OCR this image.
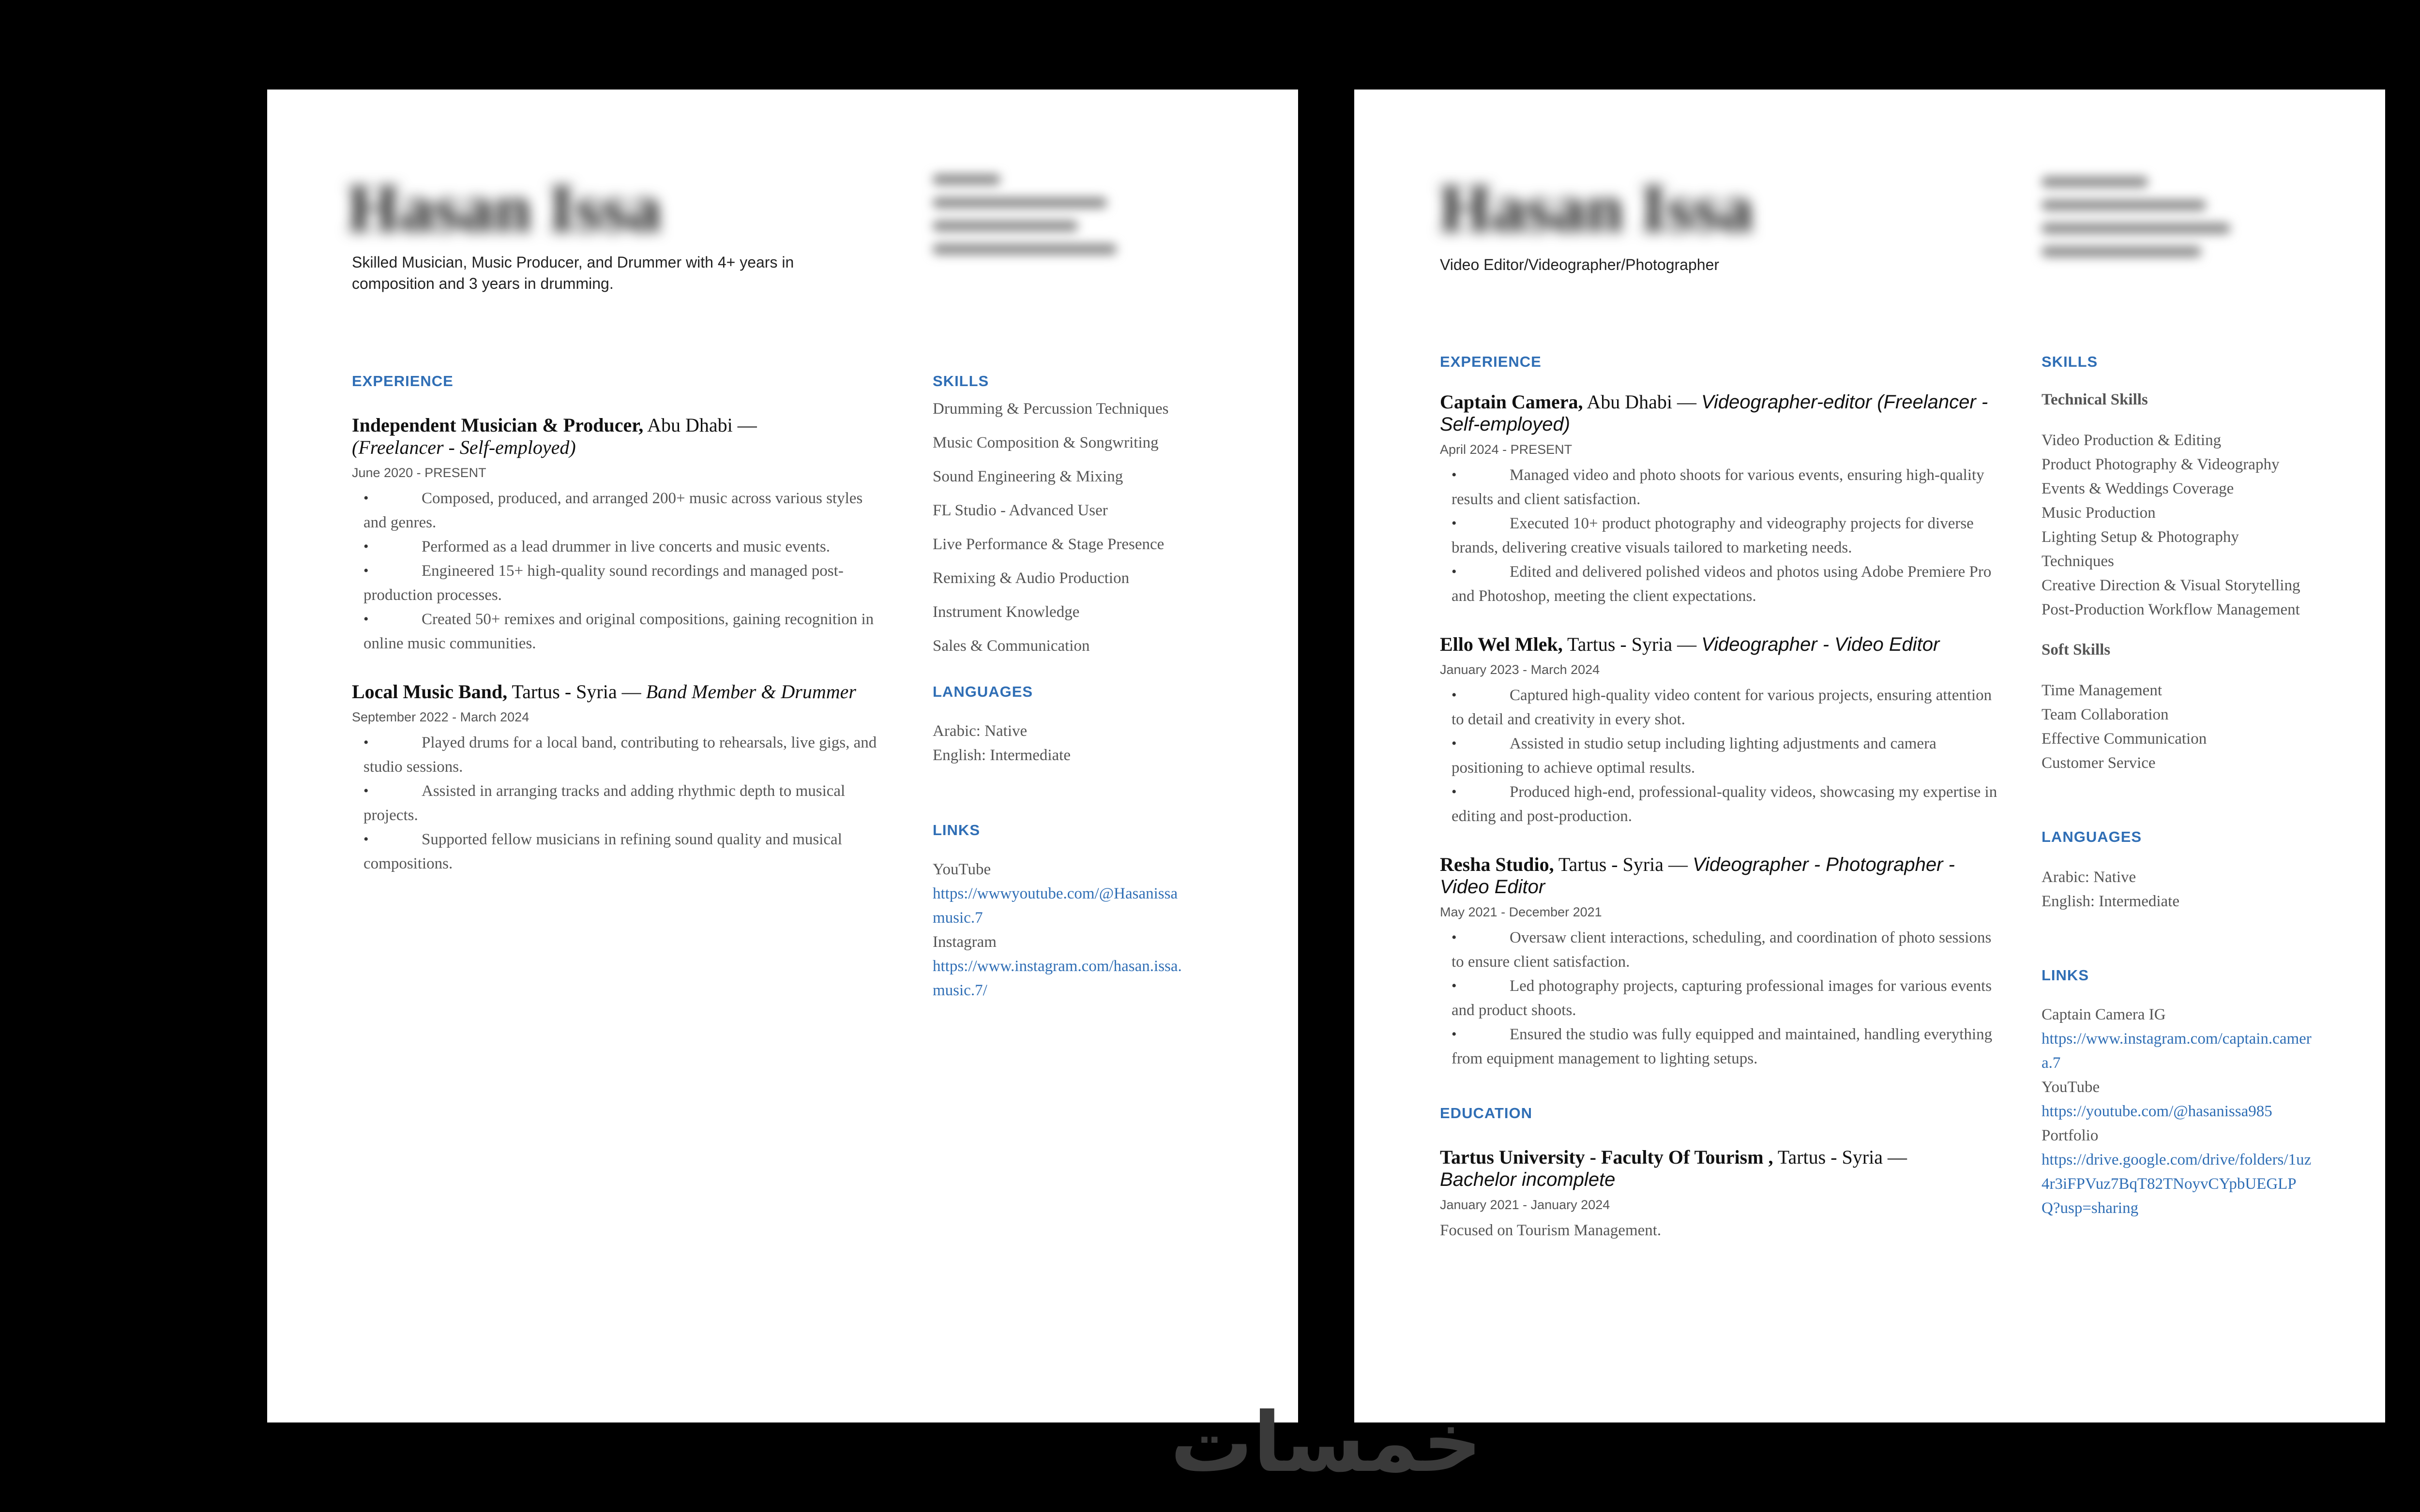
Hasan Issa
Skilled Musician, Music Producer, and Drummer with 4+ years in composition and 3 years in drumming.
EXPERIENCE
Independent Musician & Producer, Abu Dhabi —
(Freelancer - Self-employed)
June 2020 - PRESENT
• Composed, produced, and arranged 200+ music across various styles and genres.
• Performed as a lead drummer in live concerts and music events.
• Engineered 15+ high-quality sound recordings and managed post-production processes.
• Created 50+ remixes and original compositions, gaining recognition in online music communities.
Local Music Band, Tartus - Syria — Band Member & Drummer
September 2022 - March 2024
• Played drums for a local band, contributing to rehearsals, live gigs, and studio sessions.
• Assisted in arranging tracks and adding rhythmic depth to musical projects.
• Supported fellow musicians in refining sound quality and musical compositions.
SKILLS
Drumming & Percussion Techniques
Music Composition & Songwriting
Sound Engineering & Mixing
FL Studio - Advanced User
Live Performance & Stage Presence
Remixing & Audio Production
Instrument Knowledge
Sales & Communication
LANGUAGES
Arabic: Native
English: Intermediate
LINKS
YouTube
https://wwwyoutube.com/@Hasanissamusic.7
Instagram
https://www.instagram.com/hasan.issa.music.7/
Hasan Issa
Video Editor/Videographer/Photographer
EXPERIENCE
Captain Camera, Abu Dhabi — Videographer-editor (Freelancer - Self-employed)
April 2024 - PRESENT
• Managed video and photo shoots for various events, ensuring high-quality results and client satisfaction.
• Executed 10+ product photography and videography projects for diverse brands, delivering creative visuals tailored to marketing needs.
• Edited and delivered polished videos and photos using Adobe Premiere Pro and Photoshop, meeting the client expectations.
Ello Wel Mlek, Tartus - Syria — Videographer - Video Editor
January 2023 - March 2024
• Captured high-quality video content for various projects, ensuring attention to detail and creativity in every shot.
• Assisted in studio setup including lighting adjustments and camera positioning to achieve optimal results.
• Produced high-end, professional-quality videos, showcasing my expertise in editing and post-production.
Resha Studio, Tartus - Syria — Videographer - Photographer - Video Editor
May 2021 - December 2021
• Oversaw client interactions, scheduling, and coordination of photo sessions to ensure client satisfaction.
• Led photography projects, capturing professional images for various events and product shoots.
• Ensured the studio was fully equipped and maintained, handling everything from equipment management to lighting setups.
EDUCATION
Tartus University - Faculty Of Tourism , Tartus - Syria —
Bachelor incomplete
January 2021 - January 2024
Focused on Tourism Management.
SKILLS
Technical Skills
Video Production & Editing
Product Photography & Videography
Events & Weddings Coverage
Music Production
Lighting Setup & Photography Techniques
Creative Direction & Visual Storytelling
Post-Production Workflow Management
Soft Skills
Time Management
Team Collaboration
Effective Communication
Customer Service
LANGUAGES
Arabic: Native
English: Intermediate
LINKS
Captain Camera IG
https://www.instagram.com/captain.camera.7
YouTube
https://youtube.com/@hasanissa985
Portfolio
https://drive.google.com/drive/folders/1uz4r3iFPVuz7BqT82TNoyvCYpbUEGLPQ?usp=sharing
خمسات
